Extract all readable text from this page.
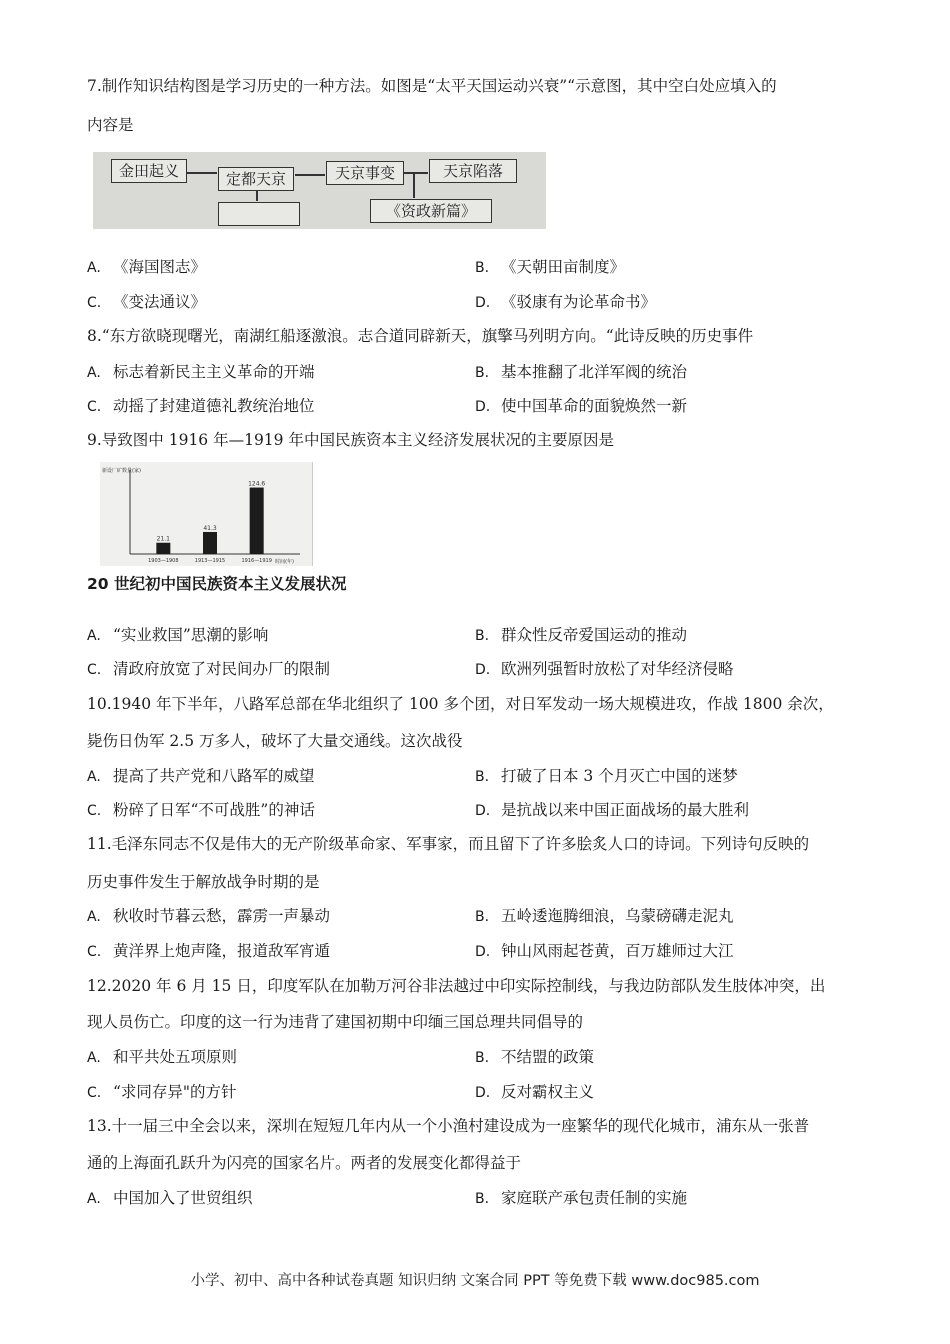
7.制作知识结构图是学习历史的一种方法。如图是“太平天国运动兴衰”“示意图，其中空白处应填入的
内容是
金田起义	定都天京	天京事变	天京陷落
《资政新篇》
A. 《海国图志》	B. 《天朝田亩制度》
C. 《变法通议》	D. 《驳康有为论革命书》
8.“东方欲晓现曙光，南湖红船逐激浪。志合道同辟新天，旗擎马列明方向。“此诗反映的历史事件
A. 标志着新民主主义革命的开端	B. 基本推翻了北洋军阀的统治
C. 动摇了封建道德礼教统治地位	D. 使中国革命的面貌焕然一新
9.导致图中 1916 年—1919 年中国民族资本主义经济发展状况的主要原因是
新设厂矿数量(家)
时间(年)
21.1
1903—1908
41.3
1913—1915
124.6
1916—1919
20 世纪初中国民族资本主义发展状况
A. “实业救国”思潮的影响	B. 群众性反帝爱国运动的推动
C. 清政府放宽了对民间办厂的限制	D. 欧洲列强暂时放松了对华经济侵略
10.1940 年下半年，八路军总部在华北组织了 100 多个团，对日军发动一场大规模进攻，作战 1800 余次，
毙伤日伪军 2.5 万多人，破坏了大量交通线。这次战役
A. 提高了共产党和八路军的威望	B. 打破了日本 3 个月灭亡中国的迷梦
C. 粉碎了日军“不可战胜”的神话	D. 是抗战以来中国正面战场的最大胜利
11.毛泽东同志不仅是伟大的无产阶级革命家、军事家，而且留下了许多脍炙人口的诗词。下列诗句反映的
历史事件发生于解放战争时期的是
A. 秋收时节暮云愁，霹雳一声暴动	B. 五岭逶迤腾细浪，乌蒙磅礴走泥丸
C. 黄洋界上炮声隆，报道敌军宵遁	D. 钟山风雨起苍黄，百万雄师过大江
12.2020 年 6 月 15 日，印度军队在加勒万河谷非法越过中印实际控制线，与我边防部队发生肢体冲突，出
现人员伤亡。印度的这一行为违背了建国初期中印缅三国总理共同倡导的
A. 和平共处五项原则	B. 不结盟的政策
C. “求同存异"的方针	D. 反对霸权主义
13.十一届三中全会以来，深圳在短短几年内从一个小渔村建设成为一座繁华的现代化城市，浦东从一张普
通的上海面孔跃升为闪亮的国家名片。两者的发展变化都得益于
A. 中国加入了世贸组织	B. 家庭联产承包责任制的实施
小学、初中、高中各种试卷真题 知识归纳 文案合同 PPT 等免费下载 www.doc985.com
